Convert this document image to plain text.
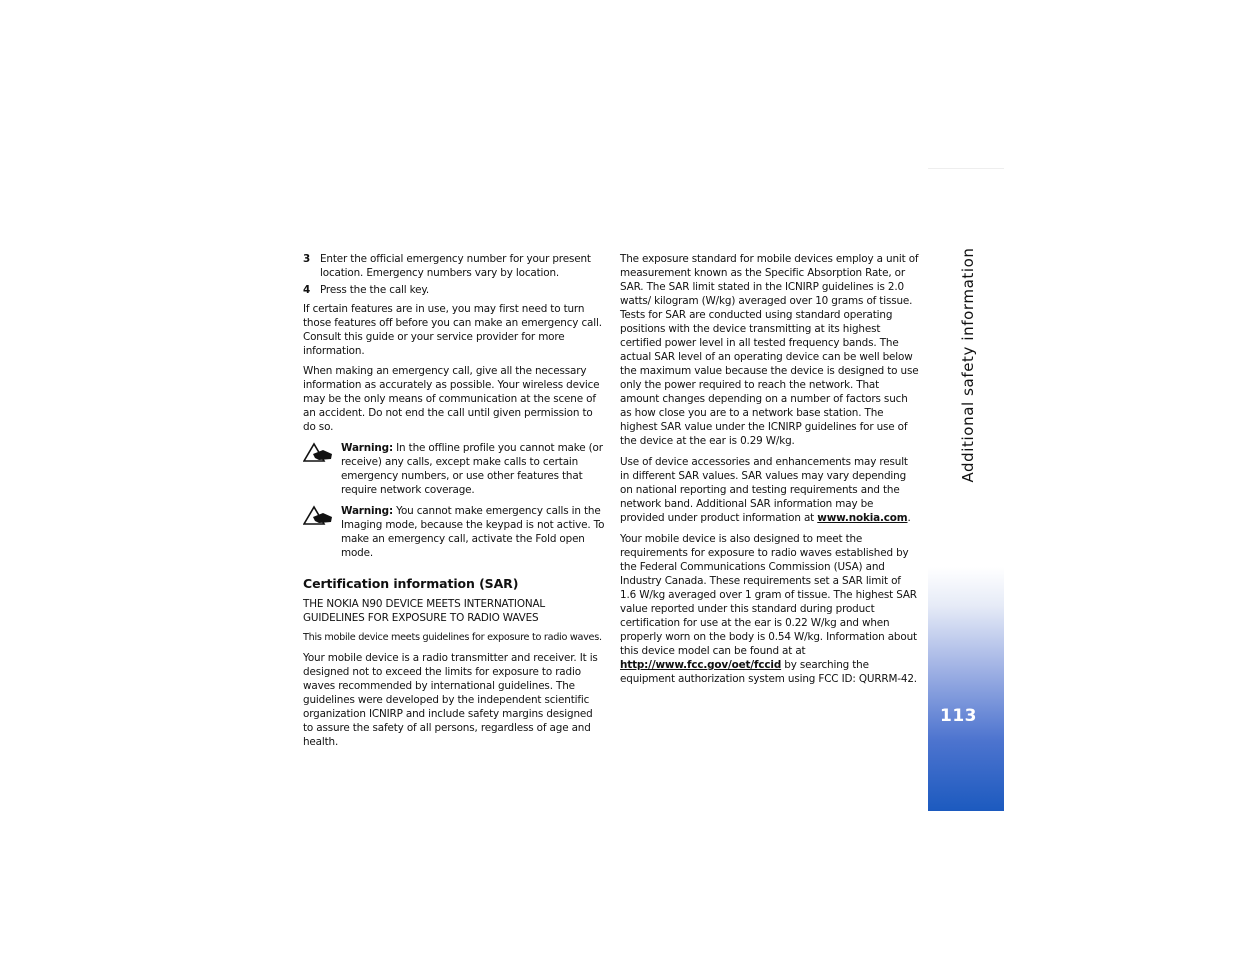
3 Enter the official emergency number for your present location. Emergency numbers vary by location.
4 Press the the call key.

If certain features are in use, you may first need to turn those features off before you can make an emergency call. Consult this guide or your service provider for more information.

When making an emergency call, give all the necessary information as accurately as possible. Your wireless device may be the only means of communication at the scene of an accident. Do not end the call until given permission to do so.

Warning: In the offline profile you cannot make (or receive) any calls, except make calls to certain emergency numbers, or use other features that require network coverage.
Warning: You cannot make emergency calls in the Imaging mode, because the keypad is not active. To make an emergency call, activate the Fold open mode.
Certification information (SAR)

THE NOKIA N90 DEVICE MEETS INTERNATIONAL GUIDELINES FOR EXPOSURE TO RADIO WAVES

This mobile device meets guidelines for exposure to radio waves.

Your mobile device is a radio transmitter and receiver. It is designed not to exceed the limits for exposure to radio waves recommended by international guidelines. The guidelines were developed by the independent scientific organization ICNIRP and include safety margins designed to assure the safety of all persons, regardless of age and health.

The exposure standard for mobile devices employ a unit of measurement known as the Specific Absorption Rate, or SAR. The SAR limit stated in the ICNIRP guidelines is 2.0 watts/ kilogram (W/kg) averaged over 10 grams of tissue. Tests for SAR are conducted using standard operating positions with the device transmitting at its highest certified power level in all tested frequency bands. The actual SAR level of an operating device can be well below the maximum value because the device is designed to use only the power required to reach the network. That amount changes depending on a number of factors such as how close you are to a network base station. The highest SAR value under the ICNIRP guidelines for use of the device at the ear is 0.29 W/kg.

Use of device accessories and enhancements may result in different SAR values. SAR values may vary depending on national reporting and testing requirements and the network band. Additional SAR information may be provided under product information at www.nokia.com.

Your mobile device is also designed to meet the requirements for exposure to radio waves established by the Federal Communications Commission (USA) and Industry Canada. These requirements set a SAR limit of 1.6 W/kg averaged over 1 gram of tissue. The highest SAR value reported under this standard during product certification for use at the ear is 0.22 W/kg and when properly worn on the body is 0.54 W/kg. Information about this device model can be found at at http://www.fcc.gov/oet/fccid by searching the equipment authorization system using FCC ID: QURRM-42.

Additional safety information
113
